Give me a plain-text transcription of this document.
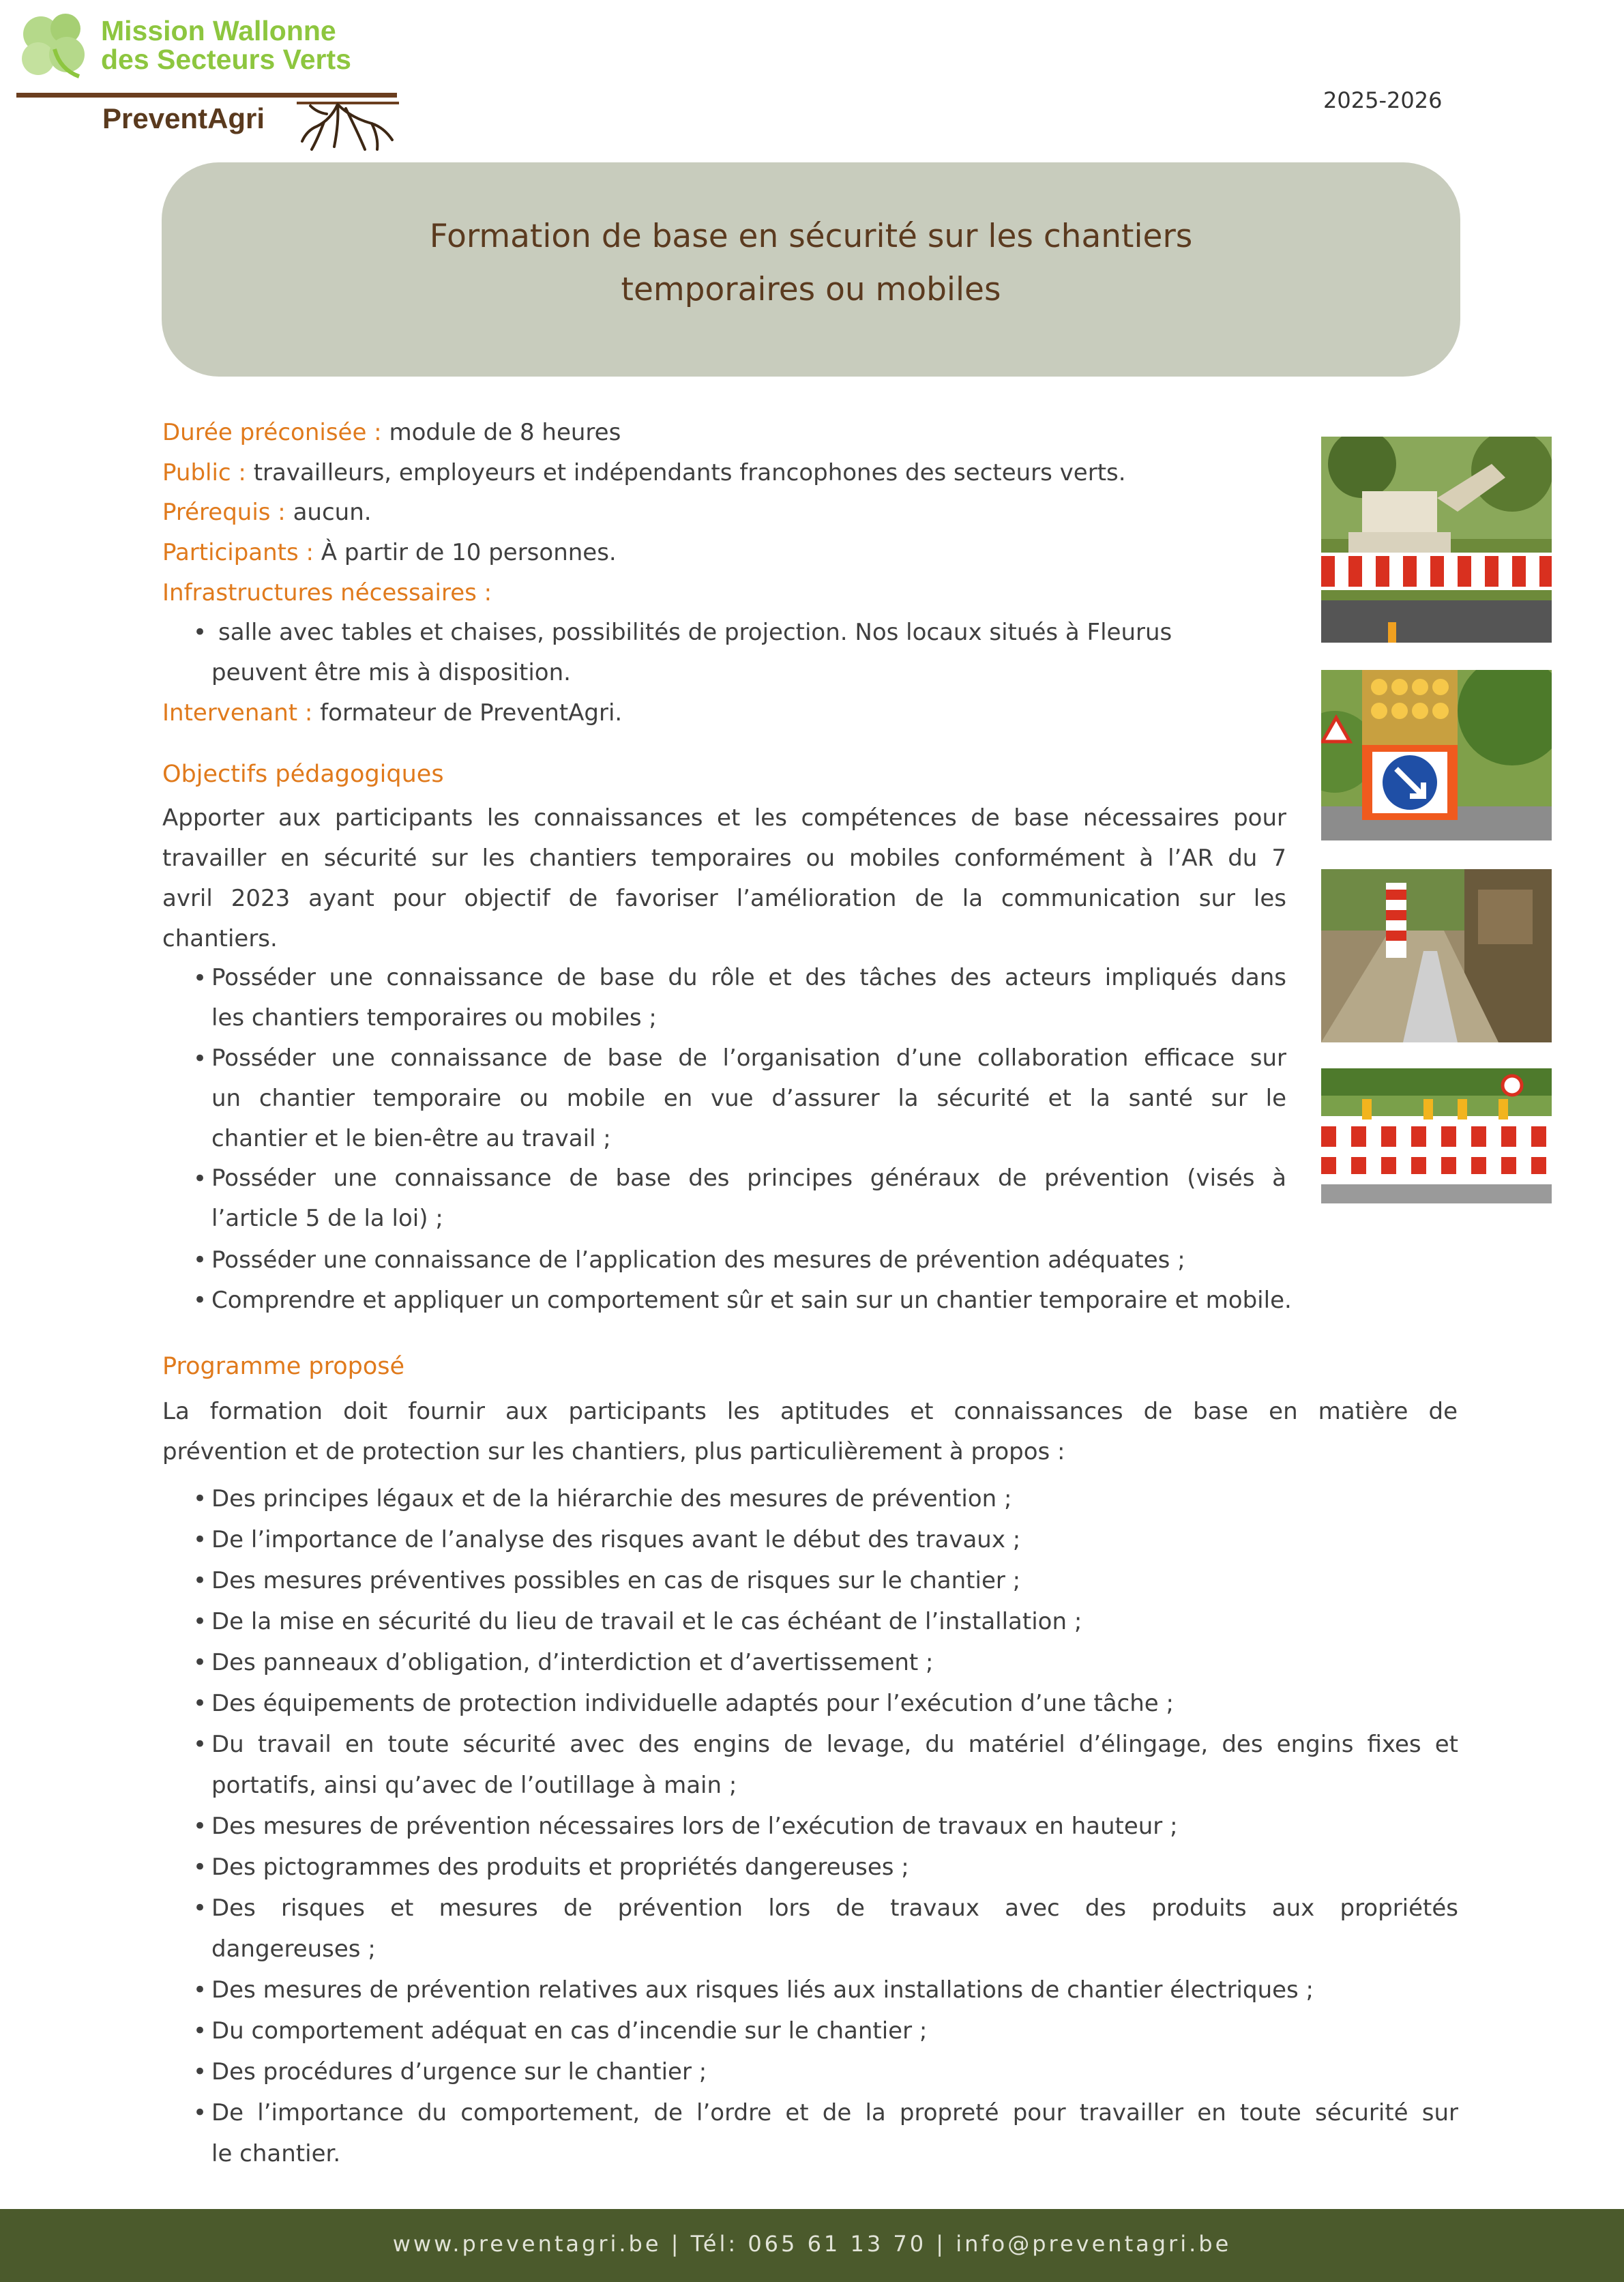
Mission Wallonne
des Secteurs Verts
PreventAgri
2025-2026
Formation de base en sécurité sur les chantiers
temporaires ou mobiles
Durée préconisée : module de 8 heures
Public : travailleurs, employeurs et indépendants francophones des secteurs verts.
Prérequis : aucun.
Participants : À partir de 10 personnes.
Infrastructures nécessaires :
• salle avec tables et chaises, possibilités de projection. Nos locaux situés à Fleurus
peuvent être mis à disposition.
Intervenant : formateur de PreventAgri.
Objectifs pédagogiques
Apporter aux participants les connaissances et les compétences de base nécessaires pour
travailler en sécurité sur les chantiers temporaires ou mobiles conformément à l’AR du 7
avril 2023 ayant pour objectif de favoriser l’amélioration de la communication sur les
chantiers.
• Posséder une connaissance de base du rôle et des tâches des acteurs impliqués dans
les chantiers temporaires ou mobiles ;
• Posséder une connaissance de base de l’organisation d’une collaboration efficace sur
un chantier temporaire ou mobile en vue d’assurer la sécurité et la santé sur le
chantier et le bien-être au travail ;
• Posséder une connaissance de base des principes généraux de prévention (visés à
l’article 5 de la loi) ;
• Posséder une connaissance de l’application des mesures de prévention adéquates ;
• Comprendre et appliquer un comportement sûr et sain sur un chantier temporaire et mobile.
Programme proposé
La formation doit fournir aux participants les aptitudes et connaissances de base en matière de
prévention et de protection sur les chantiers, plus particulièrement à propos :
• Des principes légaux et de la hiérarchie des mesures de prévention ;
• De l’importance de l’analyse des risques avant le début des travaux ;
• Des mesures préventives possibles en cas de risques sur le chantier ;
• De la mise en sécurité du lieu de travail et le cas échéant de l’installation ;
• Des panneaux d’obligation, d’interdiction et d’avertissement ;
• Des équipements de protection individuelle adaptés pour l’exécution d’une tâche ;
• Du travail en toute sécurité avec des engins de levage, du matériel d’élingage, des engins fixes et
portatifs, ainsi qu’avec de l’outillage à main ;
• Des mesures de prévention nécessaires lors de l’exécution de travaux en hauteur ;
• Des pictogrammes des produits et propriétés dangereuses ;
• Des risques et mesures de prévention lors de travaux avec des produits aux propriétés
dangereuses ;
• Des mesures de prévention relatives aux risques liés aux installations de chantier électriques ;
• Du comportement adéquat en cas d’incendie sur le chantier ;
• Des procédures d’urgence sur le chantier ;
• De l’importance du comportement, de l’ordre et de la propreté pour travailler en toute sécurité sur
le chantier.
www.preventagri.be | Tél: 065 61 13 70 | info@preventagri.be
